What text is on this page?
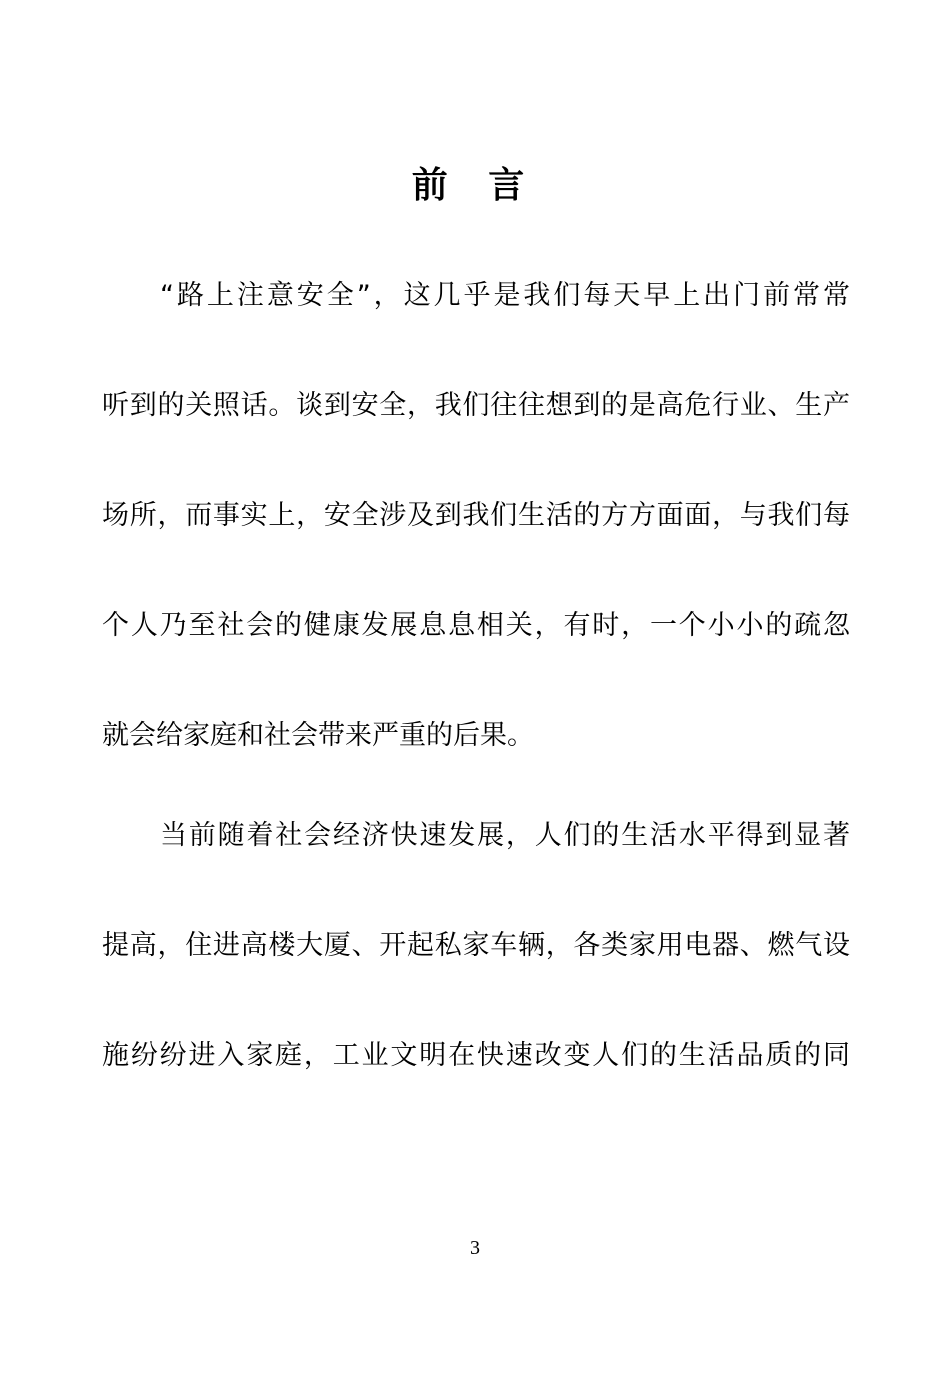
前 言
“路上注意安全”，这几乎是我们每天早上出门前常常
听到的关照话。谈到安全，我们往往想到的是高危行业、生产
场所，而事实上，安全涉及到我们生活的方方面面，与我们每
个人乃至社会的健康发展息息相关，有时，一个小小的疏忽
就会给家庭和社会带来严重的后果。
当前随着社会经济快速发展，人们的生活水平得到显著
提高，住进高楼大厦、开起私家车辆，各类家用电器、燃气设
施纷纷进入家庭，工业文明在快速改变人们的生活品质的同
3
